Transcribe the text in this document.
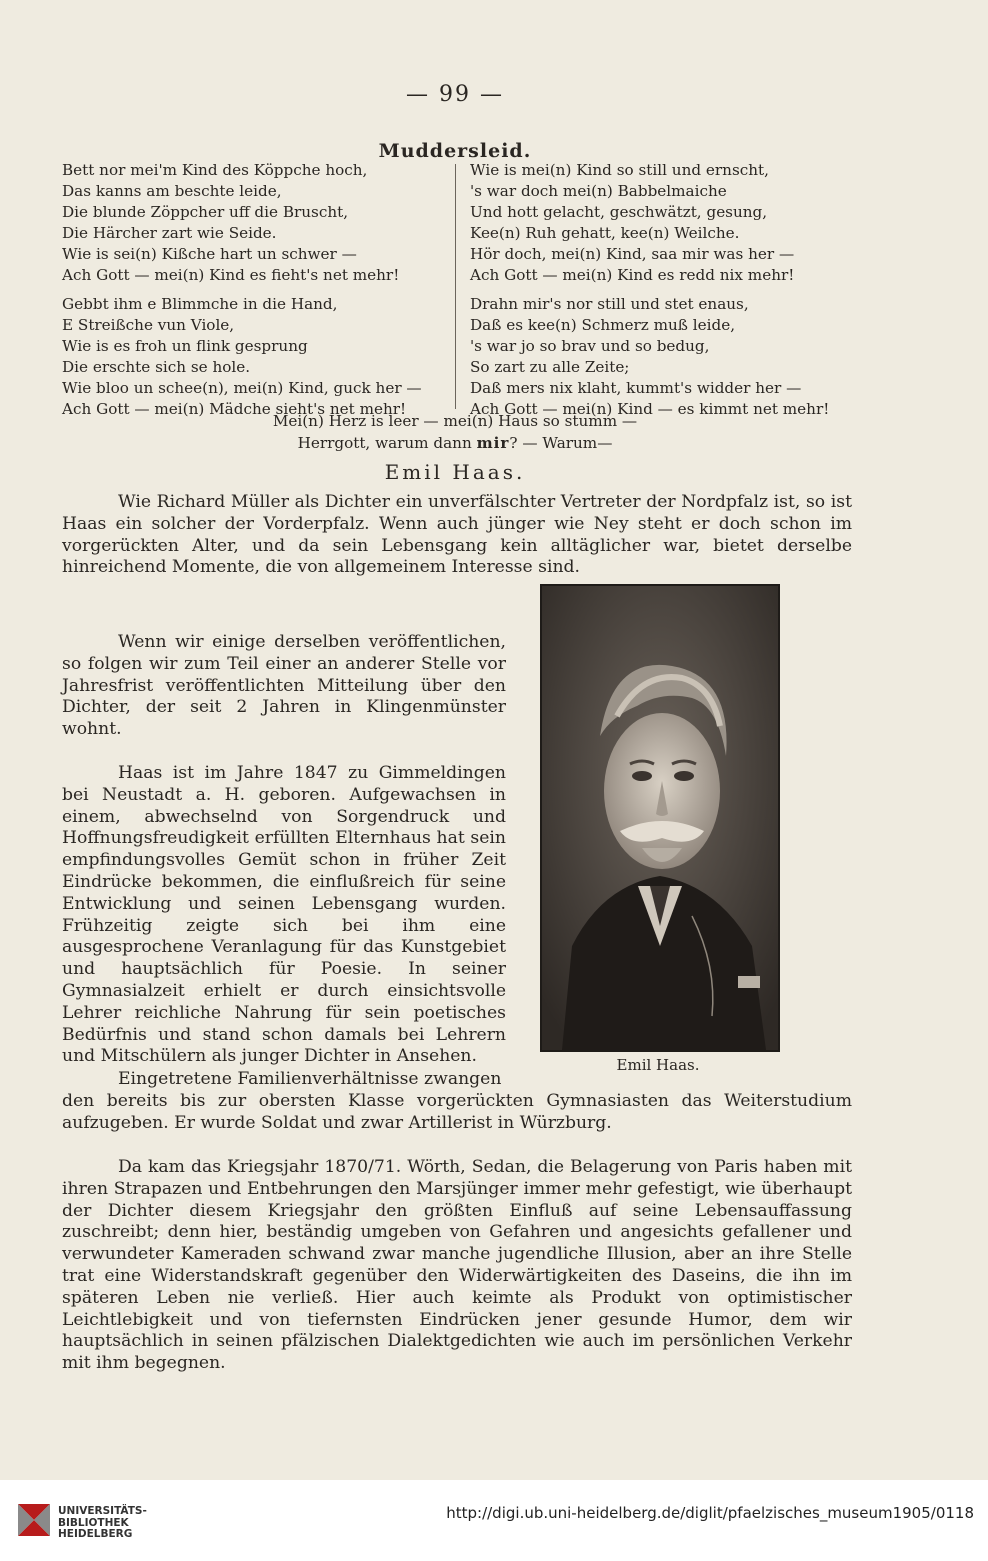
— 99 —
Muddersleid.
Bett nor mei'm Kind des Köppche hoch,
Das kanns am beschte leide,
Die blunde Zöppcher uff die Bruscht,
Die Härcher zart wie Seide.
Wie is sei(n) Kißche hart un schwer —
Ach Gott — mei(n) Kind es fieht's net mehr!
Gebbt ihm e Blimmche in die Hand,
E Streißche vun Viole,
Wie is es froh un flink gesprung
Die erschte sich se hole.
Wie bloo un schee(n), mei(n) Kind, guck her —
Ach Gott — mei(n) Mädche sieht's net mehr!
Wie is mei(n) Kind so still und ernscht,
's war doch mei(n) Babbelmaiche
Und hott gelacht, geschwätzt, gesung,
Kee(n) Ruh gehatt, kee(n) Weilche.
Hör doch, mei(n) Kind, saa mir was her —
Ach Gott — mei(n) Kind es redd nix mehr!
Drahn mir's nor still und stet enaus,
Daß es kee(n) Schmerz muß leide,
's war jo so brav und so bedug,
So zart zu alle Zeite;
Daß mers nix klaht, kummt's widder her —
Ach Gott — mei(n) Kind — es kimmt net mehr!
Mei(n) Herz is leer — mei(n) Haus so stumm —
Herrgott, warum dann mir? — Warum—
Emil Haas.

Wie Richard Müller als Dichter ein unverfälschter Vertreter der Nordpfalz ist, so ist Haas ein solcher der Vorderpfalz. Wenn auch jünger wie Ney steht er doch schon im vorgerückten Alter, und da sein Lebensgang kein alltäglicher war, bietet derselbe hinreichend Momente, die von allgemeinem Interesse sind.

Wenn wir einige derselben veröffentlichen, so folgen wir zum Teil einer an anderer Stelle vor Jahresfrist veröffentlichten Mitteilung über den Dichter, der seit 2 Jahren in Klingenmünster wohnt.

Haas ist im Jahre 1847 zu Gimmeldingen bei Neustadt a. H. geboren. Aufgewachsen in einem, abwechselnd von Sorgendruck und Hoffnungsfreudigkeit erfüllten Elternhaus hat sein empfindungsvolles Gemüt schon in früher Zeit Eindrücke bekommen, die einflußreich für seine Entwicklung und seinen Lebensgang wurden. Frühzeitig zeigte sich bei ihm eine ausgesprochene Veranlagung für das Kunstgebiet und hauptsächlich für Poesie. In seiner Gymnasialzeit erhielt er durch einsichtsvolle Lehrer reichliche Nahrung für sein poetisches Bedürfnis und stand schon damals bei Lehrern und Mitschülern als junger Dichter in Ansehen.

Eingetretene Familienverhältnisse zwangen

den bereits bis zur obersten Klasse vorgerückten Gymnasiasten das Weiterstudium aufzugeben. Er wurde Soldat und zwar Artillerist in Würzburg.

Da kam das Kriegsjahr 1870/71. Wörth, Sedan, die Belagerung von Paris haben mit ihren Strapazen und Entbehrungen den Marsjünger immer mehr gefestigt, wie überhaupt der Dichter diesem Kriegsjahr den größten Einfluß auf seine Lebensauffassung zuschreibt; denn hier, beständig umgeben von Gefahren und angesichts gefallener und verwundeter Kameraden schwand zwar manche jugendliche Illusion, aber an ihre Stelle trat eine Widerstandskraft gegenüber den Widerwärtigkeiten des Daseins, die ihn im späteren Leben nie verließ. Hier auch keimte als Produkt von optimistischer Leichtlebigkeit und von tiefernsten Eindrücken jener gesunde Humor, dem wir hauptsächlich in seinen pfälzischen Dialektgedichten wie auch im persönlichen Verkehr mit ihm begegnen.

Emil Haas.
UNIVERSITÄTS-
BIBLIOTHEK
HEIDELBERG
http://digi.ub.uni-heidelberg.de/diglit/pfaelzisches_museum1905/0118
